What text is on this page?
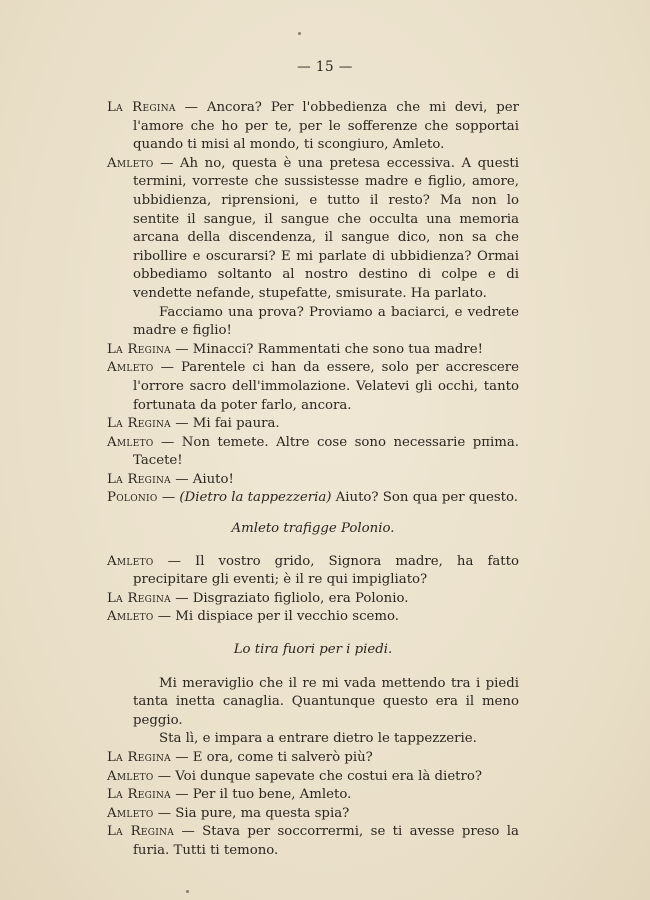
— 15 —

La Regina — Ancora? Per l'obbedienza che mi devi, per l'amore che ho per te, per le sofferenze che sopportai quando ti misi al mondo, ti scongiuro, Amleto.

Amleto — Ah no, questa è una pretesa eccessiva. A questi termini, vorreste che sussistesse madre e figlio, amore, ubbidienza, riprensioni, e tutto il resto? Ma non lo sentite il sangue, il sangue che occulta una memoria arcana della discendenza, il sangue dico, non sa che ribollire e oscurarsi? E mi parlate di ubbidienza? Ormai obbediamo soltanto al nostro destino di colpe e di vendette nefande, stupefatte, smisurate. Ha parlato.

Facciamo una prova? Proviamo a baciarci, e vedrete madre e figlio!

La Regina — Minacci? Rammentati che sono tua madre!

Amleto — Parentele ci han da essere, solo per accrescere l'orrore sacro dell'immolazione. Velatevi gli occhi, tanto fortunata da poter farlo, ancora.

La Regina — Mi fai paura.

Amleto — Non temete. Altre cose sono necessarie pπima. Tacete!

La Regina — Aiuto!

Polonio — (Dietro la tappezzeria) Aiuto? Son qua per questo.

Amleto trafigge Polonio.

Amleto — Il vostro grido, Signora madre, ha fatto precipitare gli eventi; è il re qui impigliato?

La Regina — Disgraziato figliolo, era Polonio.

Amleto — Mi dispiace per il vecchio scemo.

Lo tira fuori per i piedi.

Mi meraviglio che il re mi vada mettendo tra i piedi tanta inetta canaglia. Quantunque questo era il meno peggio.

Sta lì, e impara a entrare dietro le tappezzerie.

La Regina — E ora, come ti salverò più?

Amleto — Voi dunque sapevate che costui era là dietro?

La Regina — Per il tuo bene, Amleto.

Amleto — Sia pure, ma questa spia?

La Regina — Stava per soccorrermi, se ti avesse preso la furia. Tutti ti temono.
